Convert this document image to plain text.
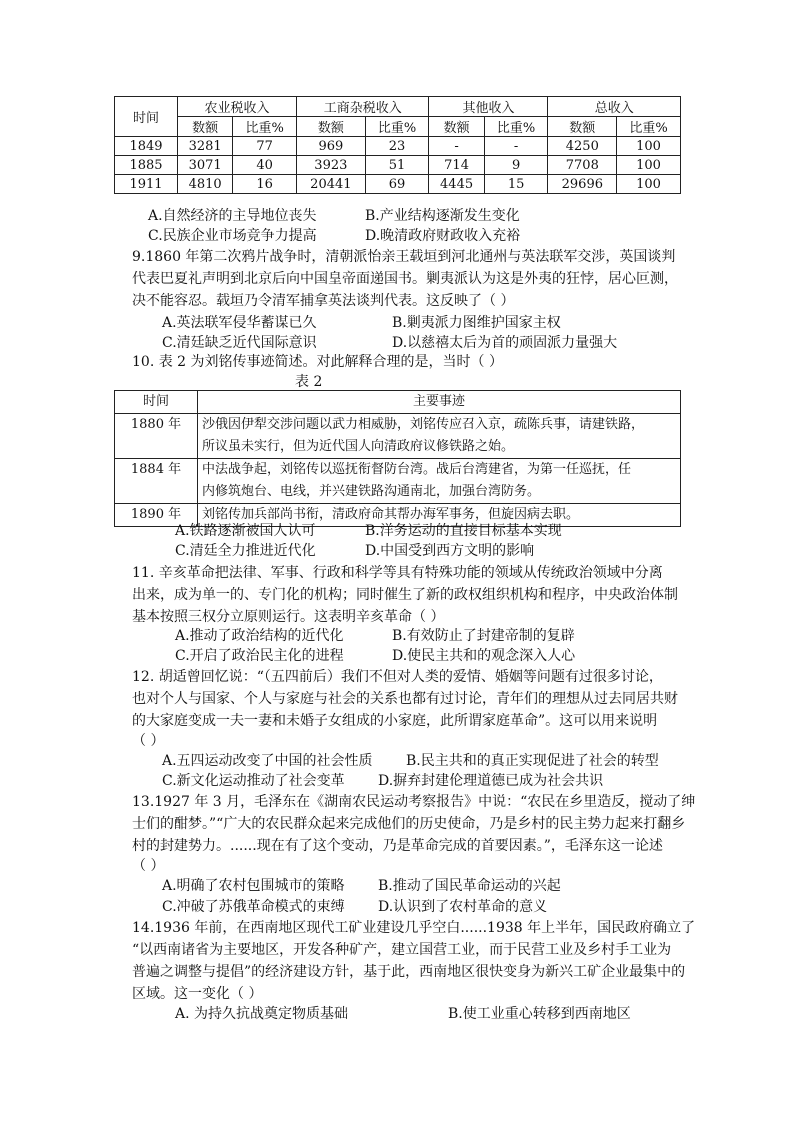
时间	农业税收入		工商杂税收入		其他收入		总收入	
	数额	比重%	数额	比重%	数额	比重%	数额	比重%
1849	3281	77	969	23	-	-	4250	100
1885	3071	40	3923	51	714	9	7708	100
1911	4810	16	20441	69	4445	15	29696	100
A.自然经济的主导地位丧失	B.产业结构逐渐发生变化
C.民族企业市场竞争力提高	D.晚清政府财政收入充裕
9.1860 年第二次鸦片战争时，清朝派怡亲王载垣到河北通州与英法联军交涉，英国谈判
代表巴夏礼声明到北京后向中国皇帝面递国书。剿夷派认为这是外夷的狂悖，居心叵测，
决不能容忍。载垣乃令清军捕拿英法谈判代表。这反映了（ ）
A.英法联军侵华蓄谋已久	B.剿夷派力图维护国家主权
C.清廷缺乏近代国际意识	D.以慈禧太后为首的顽固派力量强大
10. 表 2 为刘铭传事迹简述。对此解释合理的是，当时（ ）
表 2
时间	主要事迹
1880 年	沙俄因伊犁交涉问题以武力相威胁，刘铭传应召入京，疏陈兵事，请建铁路，
所议虽未实行，但为近代国人向清政府议修铁路之始。

1884 年	中法战争起，刘铭传以巡抚衔督防台湾。战后台湾建省，为第一任巡抚，任
内修筑炮台、电线，并兴建铁路沟通南北，加强台湾防务。

1890 年	刘铭传加兵部尚书衔，清政府命其帮办海军事务，但旋因病去职。
A.铁路逐渐被国人认可	B.洋务运动的直接目标基本实现
C.清廷全力推进近代化	D.中国受到西方文明的影响
11. 辛亥革命把法律、军事、行政和科学等具有特殊功能的领域从传统政治领域中分离
出来，成为单一的、专门化的机构；同时催生了新的政权组织机构和程序，中央政治体制
基本按照三权分立原则运行。这表明辛亥革命（ ）
A.推动了政治结构的近代化	B.有效防止了封建帝制的复辟
C.开启了政治民主化的进程	D.使民主共和的观念深入人心
12. 胡适曾回忆说：“（五四前后）我们不但对人类的爱情、婚姻等问题有过很多讨论，
也对个人与国家、个人与家庭与社会的关系也都有过讨论，青年们的理想从过去同居共财
的大家庭变成一夫一妻和未婚子女组成的小家庭，此所谓家庭革命”。这可以用来说明
（ ）
A.五四运动改变了中国的社会性质 B.民主共和的真正实现促进了社会的转型
C.新文化运动推动了社会变革 D.摒弃封建伦理道德已成为社会共识
13.1927 年 3 月，毛泽东在《湖南农民运动考察报告》中说：“农民在乡里造反，搅动了绅
士们的酣梦。”“广大的农民群众起来完成他们的历史使命，乃是乡村的民主势力起来打翻乡
村的封建势力。......现在有了这个变动，乃是革命完成的首要因素。”，毛泽东这一论述
（ ）
A.明确了农村包围城市的策略 B.推动了国民革命运动的兴起
C.冲破了苏俄革命模式的束缚 D.认识到了农村革命的意义
14.1936 年前，在西南地区现代工矿业建设几乎空白......1938 年上半年，国民政府确立了
“以西南诸省为主要地区，开发各种矿产，建立国营工业，而于民营工业及乡村手工业为
普遍之调整与提倡”的经济建设方针，基于此，西南地区很快变身为新兴工矿企业最集中的
区域。这一变化（ ）
A. 为持久抗战奠定物质基础	B.使工业重心转移到西南地区
